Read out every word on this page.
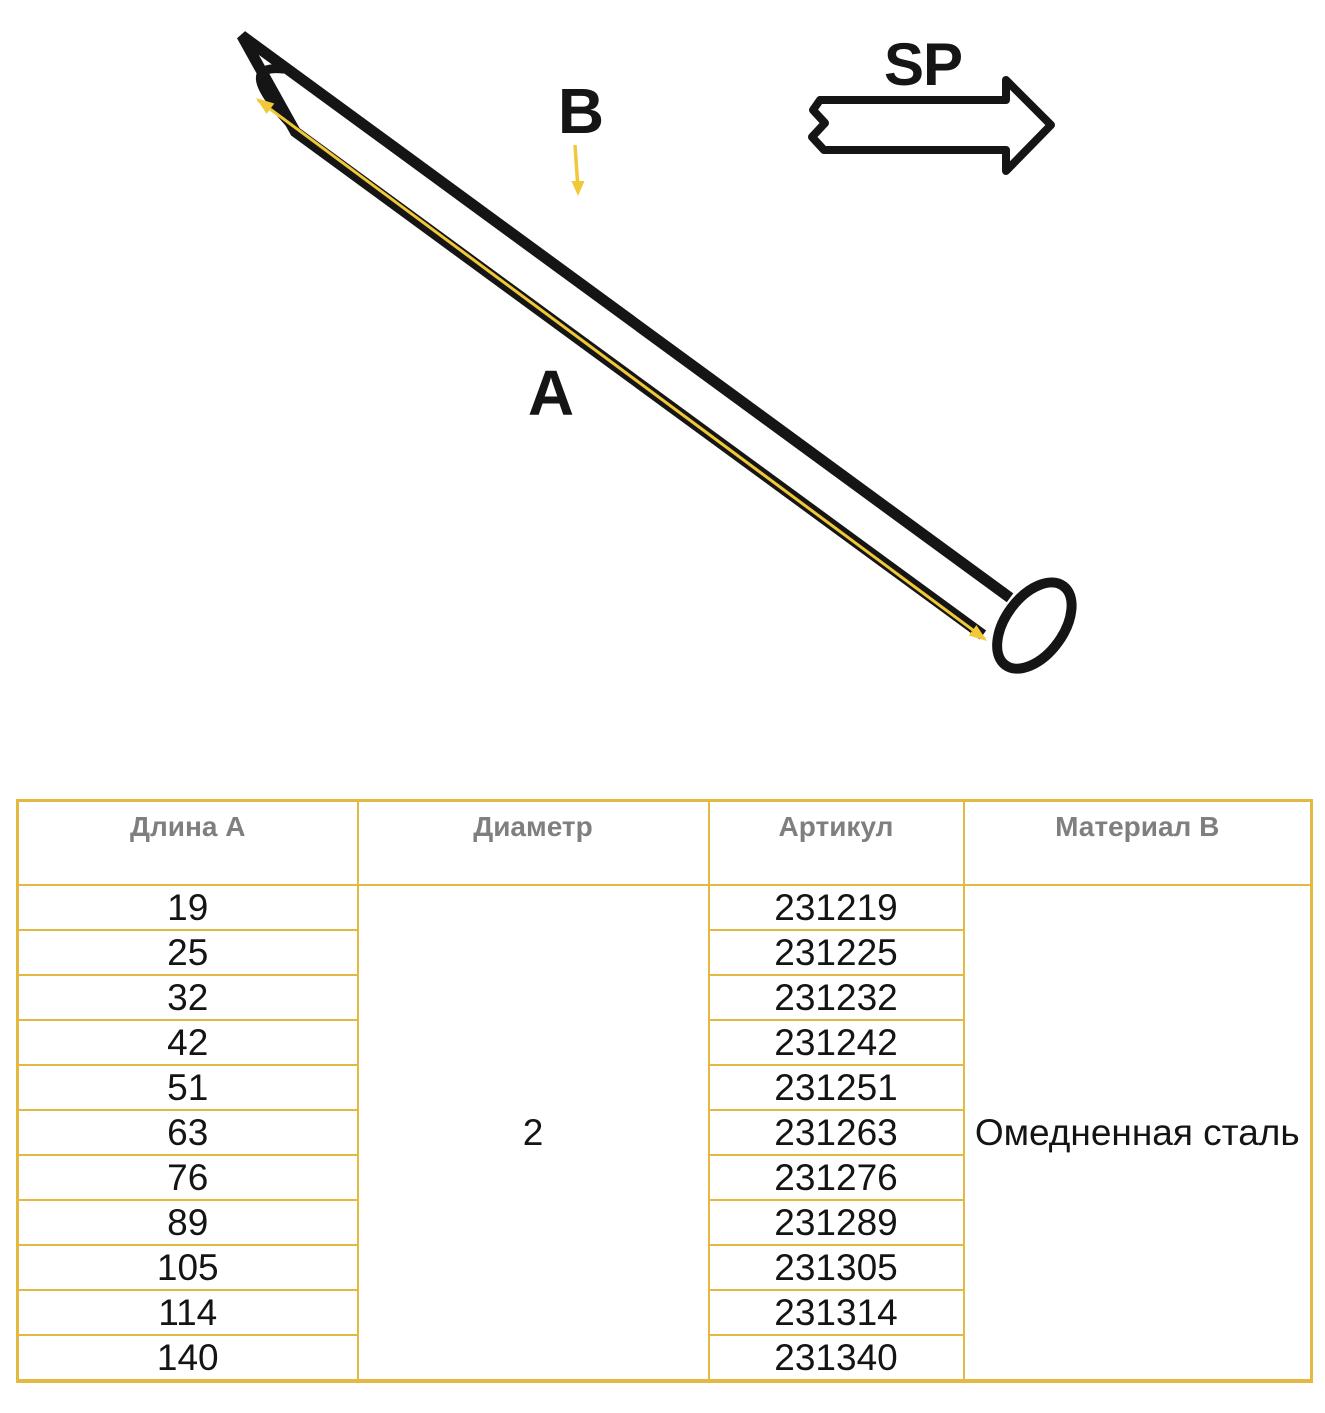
A
B
SP
Длина A	Диаметр	Артикул	Материал B
19	2	231219	Омедненная сталь
25		231225	
32		231232	
42		231242	
51		231251	
63		231263	
76		231276	
89		231289	
105		231305	
114		231314	
140		231340	
